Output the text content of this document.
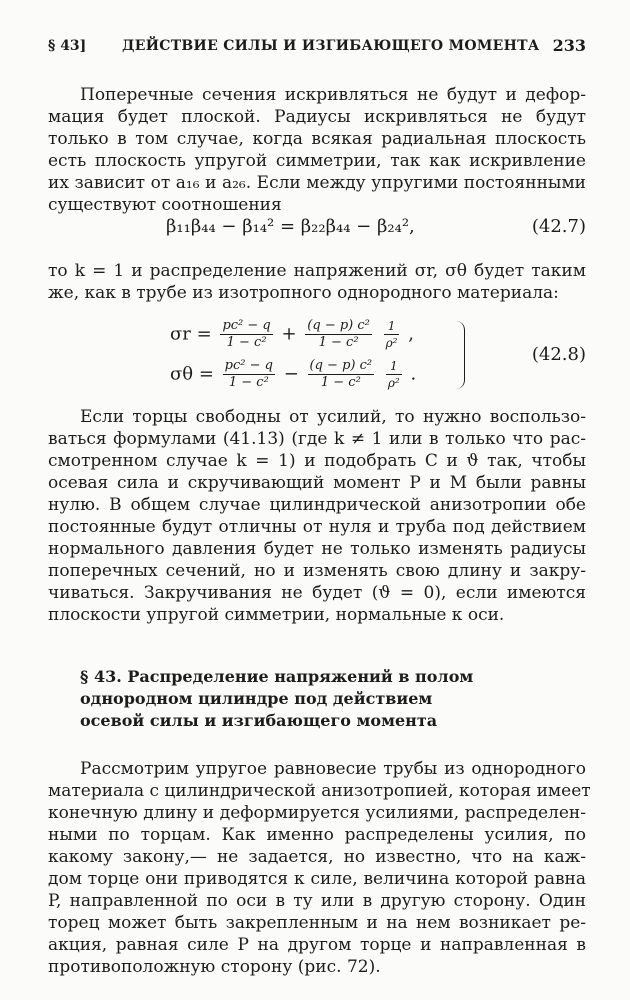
§ 43]	ДЕЙСТВИЕ СИЛЫ И ИЗГИБАЮЩЕГО МОМЕНТА 233
Поперечные сечения искривляться не будут и дефор-
мация будет плоской. Радиусы искривляться не будут
только в том случае, когда всякая радиальная плоскость
есть плоскость упругой симметрии, так как искривление
их зависит от a₁₆ и a₂₆. Если между упругими постоянными
существуют соотношения
β₁₁β₄₄ − β₁₄² = β₂₂β₄₄ − β₂₄²,	(42.7)
то k = 1 и распределение напряжений σr, σθ будет таким
же, как в трубе из изотропного однородного материала:
$\sigma r = \frac{\text{pc² − q}}{\text{1 − c²}} + \frac{\text{(q − p) c²}}{\text{1 − c²}}$
$\frac{1}{\text{ρ²}}$ ,
$\sigma\theta = \frac{\text{pc² − q}}{\text{1 − c²}} - \frac{\text{(q − p) c²}}{\text{1 − c²}}$
$\frac{1}{\text{ρ²}}$ .
(42.8)
Если торцы свободны от усилий, то нужно воспользо-
ваться формулами (41.13) (где k ≠ 1 или в только что рас-
смотренном случае k = 1) и подобрать C и ϑ так, чтобы
осевая сила и скручивающий момент P и M были равны
нулю. В общем случае цилиндрической анизотропии обе
постоянные будут отличны от нуля и труба под действием
нормального давления будет не только изменять радиусы
поперечных сечений, но и изменять свою длину и закру-
чиваться. Закручивания не будет (ϑ = 0), если имеются
плоскости упругой симметрии, нормальные к оси.
§ 43. Распределение напряжений в полом
однородном цилиндре под действием
осевой силы и изгибающего момента
Рассмотрим упругое равновесие трубы из однородного
материала с цилиндрической анизотропией, которая имеет
конечную длину и деформируется усилиями, распределен-
ными по торцам. Как именно распределены усилия, по
какому закону,— не задается, но известно, что на каж-
дом торце они приводятся к силе, величина которой равна
P, направленной по оси в ту или в другую сторону. Один
торец может быть закрепленным и на нем возникает ре-
акция, равная силе P на другом торце и направленная в
противоположную сторону (рис. 72).
